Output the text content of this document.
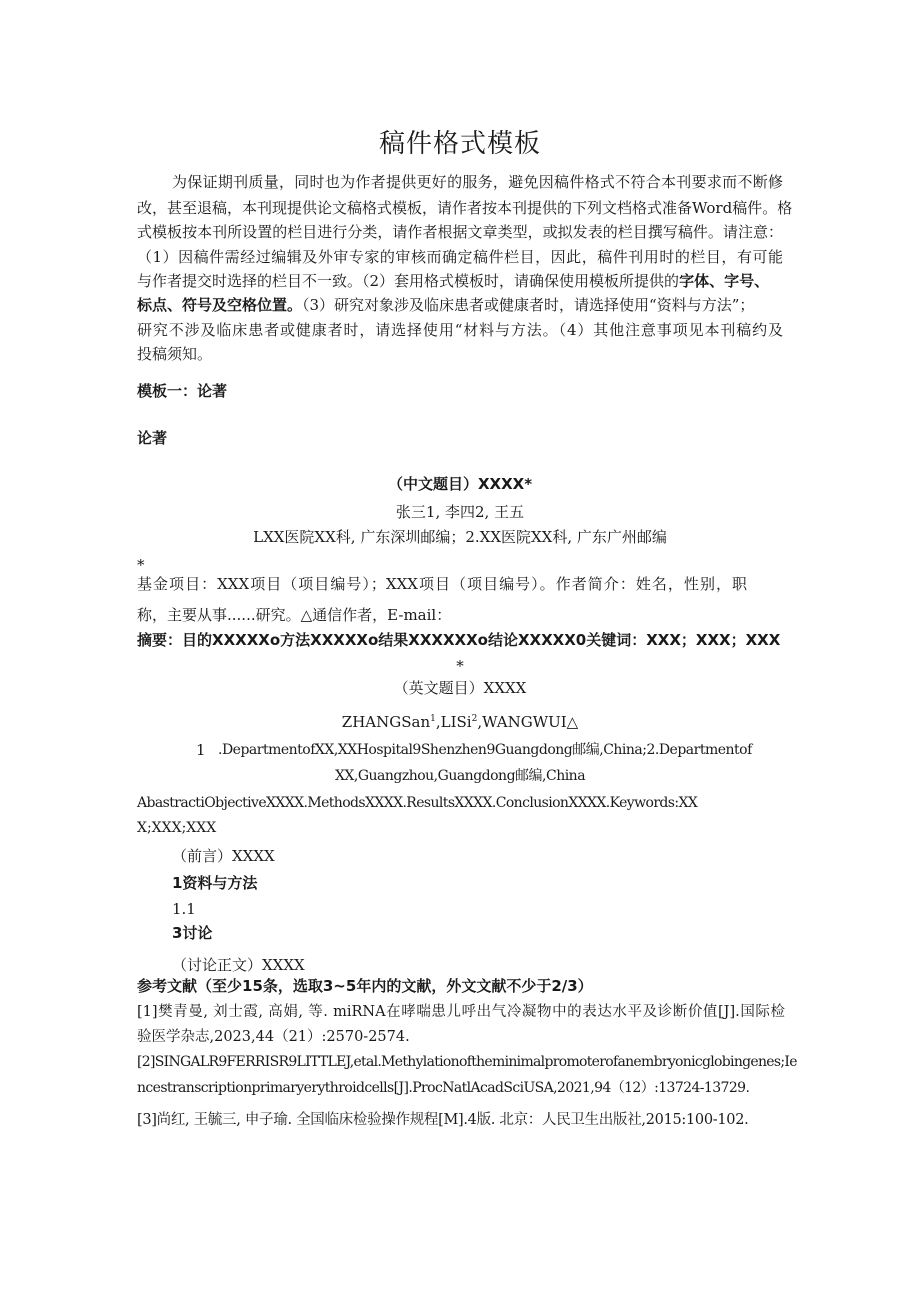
稿件格式模板
为保证期刊质量，同时也为作者提供更好的服务，避免因稿件格式不符合本刊要求而不断修
改，甚至退稿，本刊现提供论文稿格式模板，请作者按本刊提供的下列文档格式准备Word稿件。格
式模板按本刊所设置的栏目进行分类，请作者根据文章类型，或拟发表的栏目撰写稿件。请注意：
（1）因稿件需经过编辑及外审专家的审核而确定稿件栏目，因此，稿件刊用时的栏目，有可能
与作者提交时选择的栏目不一致。（2）套用格式模板时，请确保使用模板所提供的字体、字号、
标点、符号及空格位置。（3）研究对象涉及临床患者或健康者时，请选择使用“资料与方法”；
研究不涉及临床患者或健康者时，请选择使用“材料与方法。（4）其他注意事项见本刊稿约及
投稿须知。
模板一：论著
论著
（中文题目）XXXX*
张三1, 李四2, 王五
LXX医院XX科, 广东深圳邮编；2.XX医院XX科, 广东广州邮编
*
基金项目：XXX项目（项目编号）；XXX项目（项目编号）。作者简介：姓名，性别，职
称，主要从事......研究。△通信作者，E-mail：
摘要：目的XXXXXo方法XXXXXo结果XXXXXXo结论XXXXX0关键词：XXX；XXX；XXX
*
（英文题目）XXXX
ZHANGSan$^1$,LISi$^2$,WANGWUI△
1 .DepartmentofXX,XXHospital9Shenzhen9Guangdong邮编,China;2.Departmentof
XX,Guangzhou,Guangdong邮编,China
AbastractiObjectiveXXXX.MethodsXXXX.ResultsXXXX.ConclusionXXXX.Keywords:XX
X;XXX;XXX
（前言）XXXX
1资料与方法
1.1
3讨论
（讨论正文）XXXX
参考文献（至少15条，选取3~5年内的文献，外文文献不少于2/3）
[1]樊青曼, 刘士霞, 高娟, 等. miRNA在哮喘患儿呼出气冷凝物中的表达水平及诊断价值[J].国际检
验医学杂志,2023,44（21）:2570-2574.
[2]SINGALR9FERRISR9LITTLEJ,etal.Methylationoftheminimalpromoterofanembryonicglobingenes;Ie
ncestranscriptionprimaryerythroidcells[J].ProcNatlAcadSciUSA,2021,94（12）:13724-13729.
[3]尚红, 王毓三, 申子瑜. 全国临床检验操作规程[M].4版. 北京：人民卫生出版社,2015:100-102.
